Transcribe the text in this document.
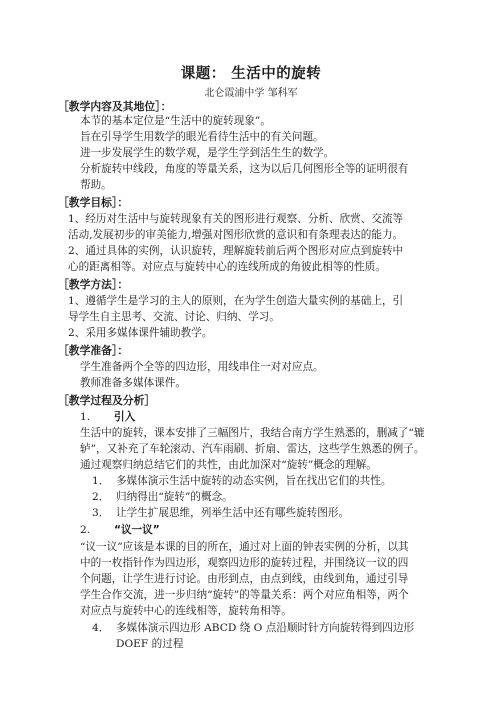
课题： 生活中的旋转
北仑霞浦中学 邹科军
［教学内容及其地位］：
本节的基本定位是“生活中的旋转现象”。
旨在引导学生用数学的眼光看待生活中的有关问题。
进一步发展学生的数学观，是学生学到活生生的数学。
分析旋转中线段，角度的等量关系，这为以后几何图形全等的证明很有
帮助。
［教学目标］：
1、经历对生活中与旋转现象有关的图形进行观察、分析、欣赏、交流等
活动,发展初步的审美能力,增强对图形欣赏的意识和有条理表达的能力。
2、通过具体的实例，认识旋转，理解旋转前后两个图形对应点到旋转中
心的距离相等。对应点与旋转中心的连线所成的角彼此相等的性质。
［教学方法］：
1、遵循学生是学习的主人的原则，在为学生创造大量实例的基础上，引
导学生自主思考、交流、讨论、归纳、学习。
2、采用多媒体课件辅助教学。
［教学准备］：
学生准备两个全等的四边形，用线串住一对对应点。
教师准备多媒体课件。
［教学过程及分析］
1. 引入
生活中的旋转，课本安排了三幅图片，我结合南方学生熟悉的，删减了“辘
轳”，又补充了车轮滚动、汽车雨刷、折扇、雷达，这些学生熟悉的例子。
通过观察归纳总结它们的共性，由此加深对“旋转”概念的理解。
1． 多媒体演示生活中旋转的动态实例，旨在找出它们的共性。
2． 归纳得出“旋转”的概念。
3． 让学生扩展思维，列举生活中还有哪些旋转图形。
2. “议一议”
“议一议”应该是本课的目的所在，通过对上面的钟表实例的分析，以其
中的一枚指针作为四边形，观察四边形的旋转过程，并围绕议一议的四
个问题，让学生进行讨论。由形到点，由点到线，由线到角，通过引导
学生合作交流，进一步归纳“旋转”的等量关系：两个对应角相等，两个
对应点与旋转中心的连线相等，旋转角相等。
4． 多媒体演示四边形 ABCD 绕 O 点沿顺时针方向旋转得到四边形
DOEF 的过程
